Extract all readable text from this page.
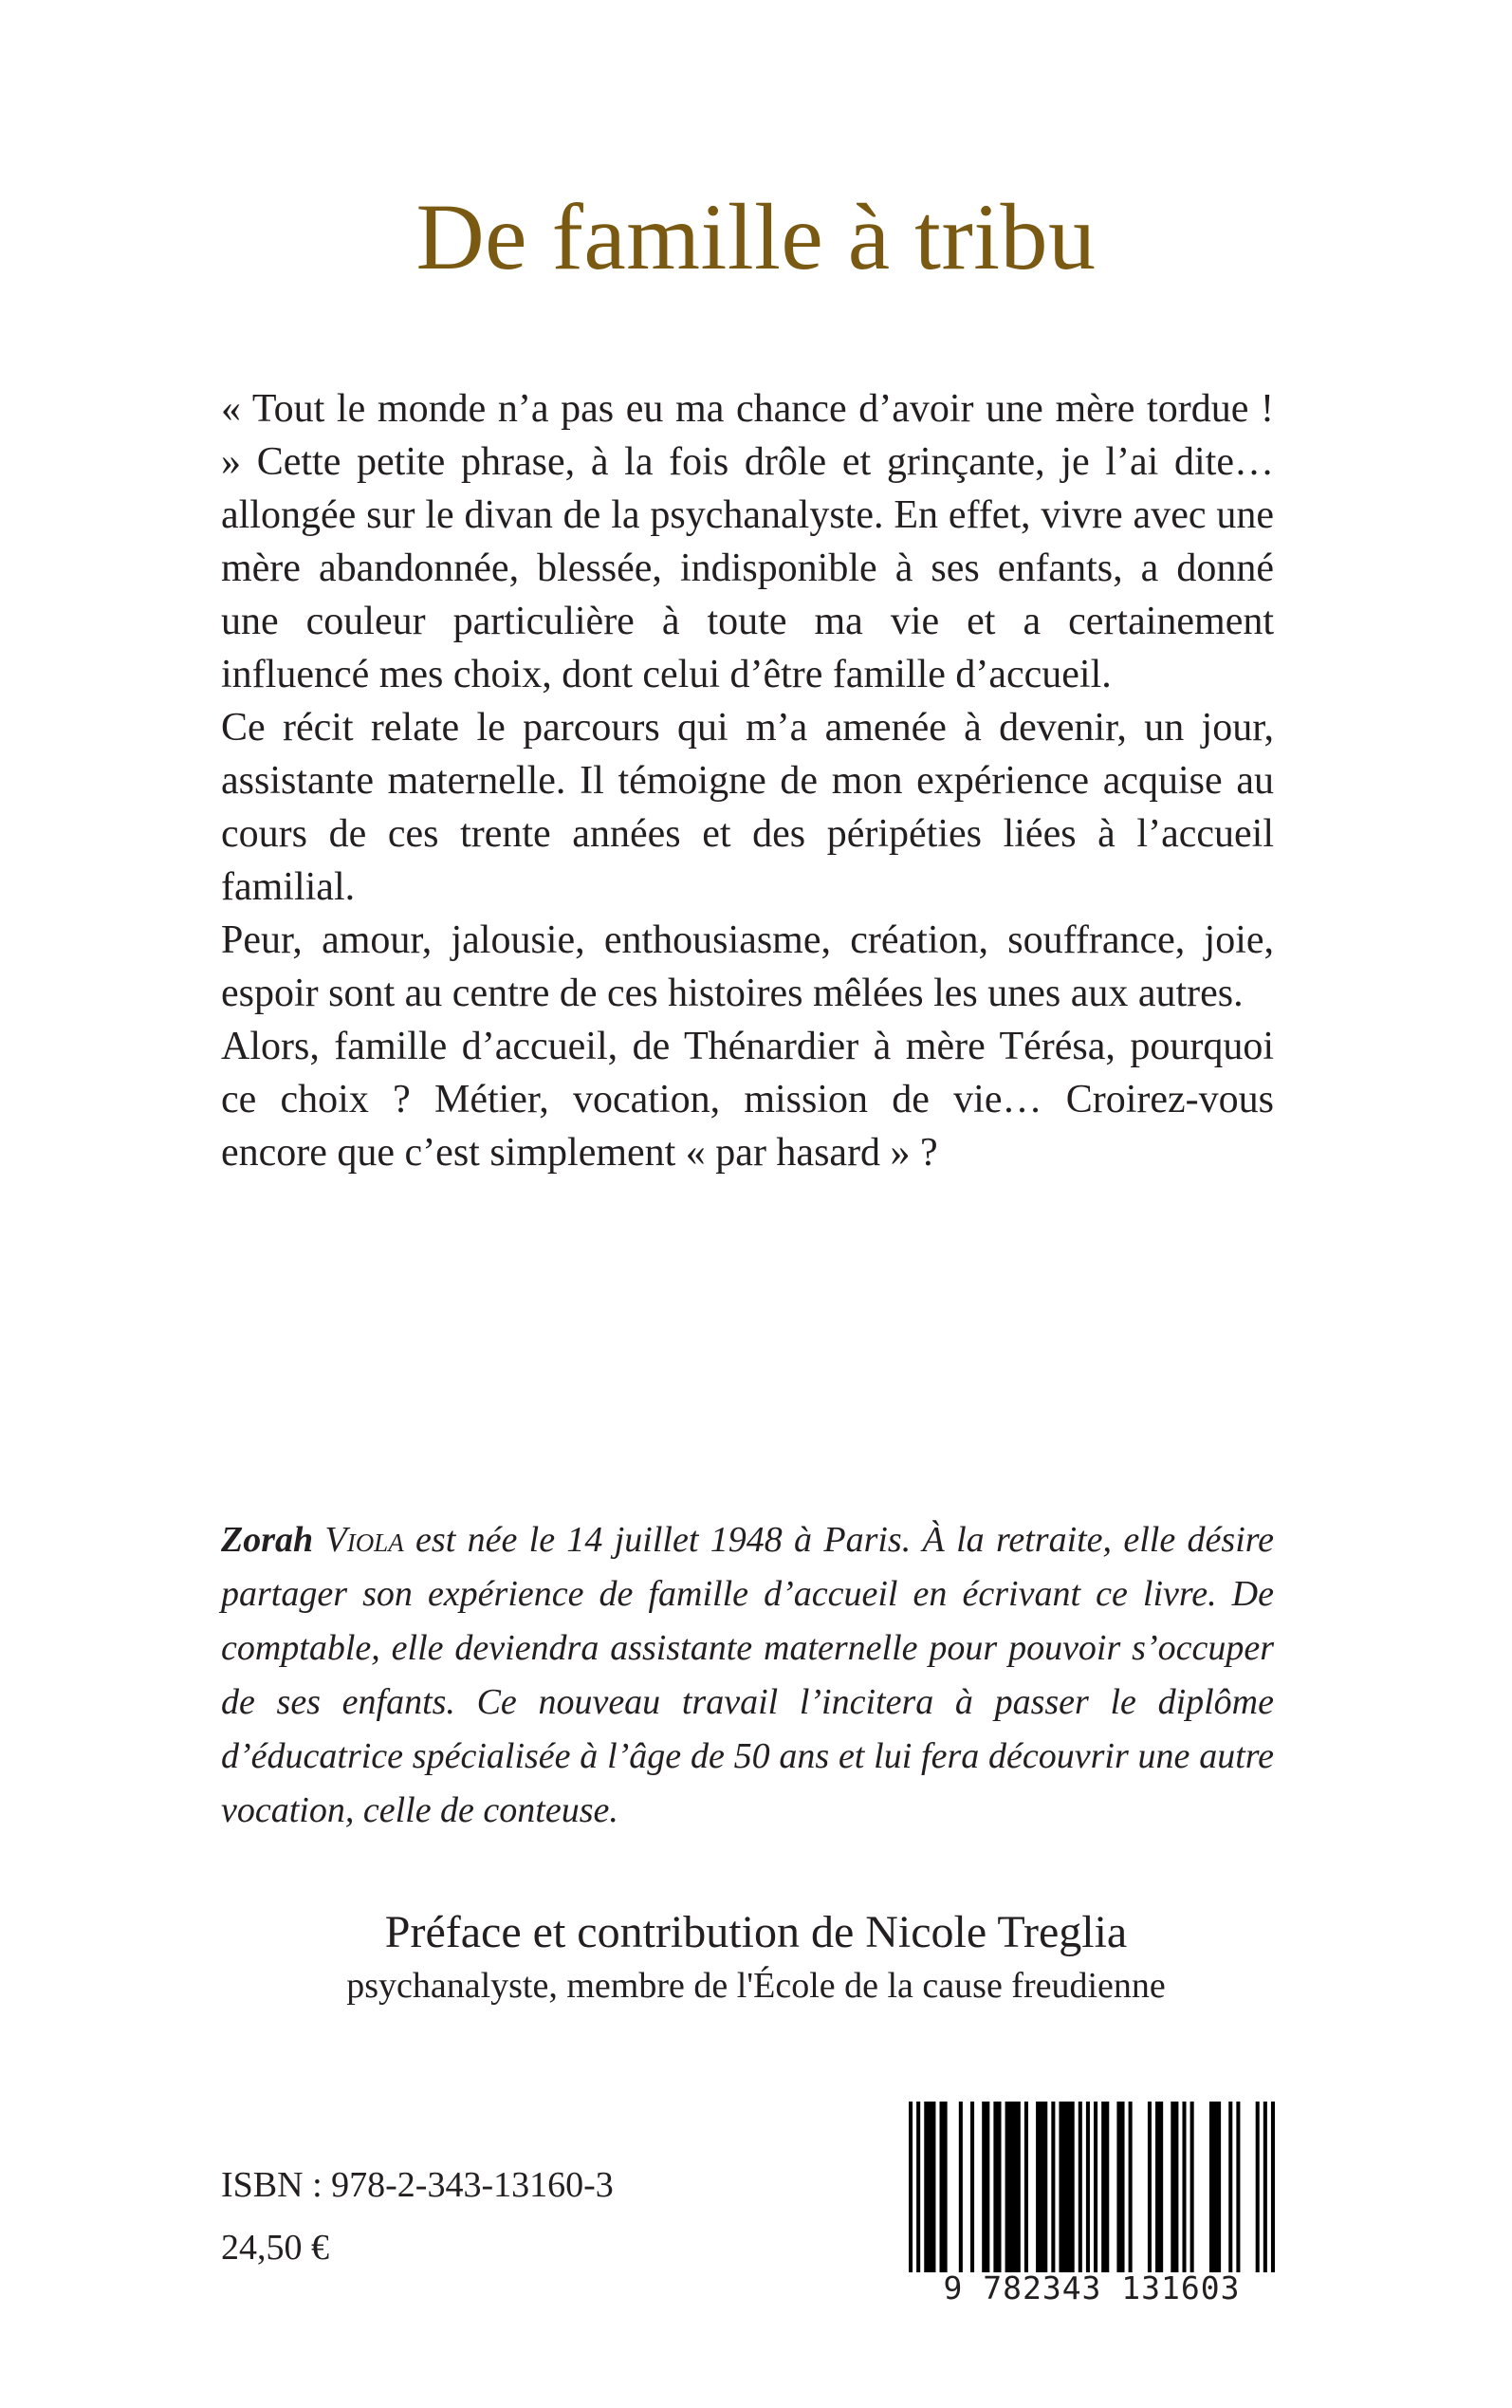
De famille à tribu

« Tout le monde n’a pas eu ma chance d’avoir une mère tordue ! » Cette petite phrase, à la fois drôle et grinçante, je l’ai dite… allongée sur le divan de la psychanalyste. En effet, vivre avec une mère abandonnée, blessée, indisponible à ses enfants, a donné une couleur particulière à toute ma vie et a certainement influencé mes choix, dont celui d’être famille d’accueil.

Ce récit relate le parcours qui m’a amenée à devenir, un jour, assistante maternelle. Il témoigne de mon expérience acquise au cours de ces trente années et des péripéties liées à l’accueil familial.

Peur, amour, jalousie, enthousiasme, création, souffrance, joie, espoir sont au centre de ces histoires mêlées les unes aux autres.

Alors, famille d’accueil, de Thénardier à mère Térésa, pourquoi ce choix ? Métier, vocation, mission de vie… Croirez-vous encore que c’est simplement « par hasard » ?

Zorah Viola est née le 14 juillet 1948 à Paris. À la retraite, elle désire partager son expérience de famille d’accueil en écrivant ce livre. De comptable, elle deviendra assistante maternelle pour pouvoir s’occuper de ses enfants. Ce nouveau travail l’incitera à passer le diplôme d’éducatrice spécialisée à l’âge de 50 ans et lui fera découvrir une autre vocation, celle de conteuse.
Préface et contribution de Nicole Treglia
psychanalyste, membre de l'École de la cause freudienne
ISBN : 978-2-343-13160-3
24,50 €
9 782343 131603
